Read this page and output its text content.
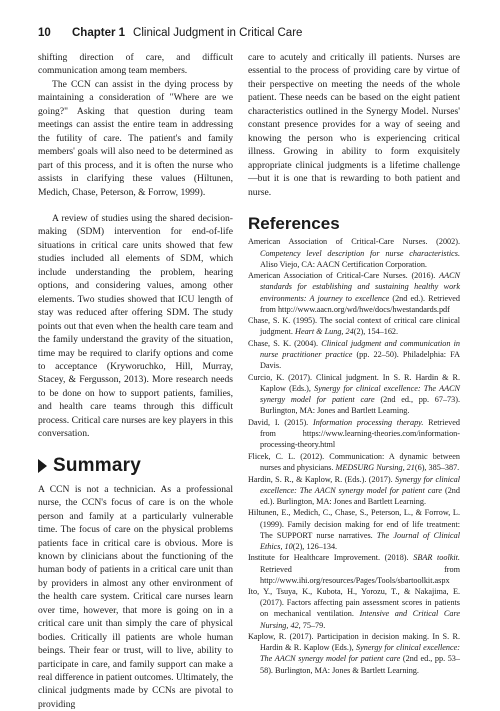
10	Chapter 1 Clinical Judgment in Critical Care

shifting direction of care, and difficult communication among team members.

The CCN can assist in the dying process by maintaining a consideration of "Where are we going?" Asking that question during team meetings can assist the entire team in addressing the futility of care. The patient's and family members' goals will also need to be determined as part of this process, and it is often the nurse who assists in clarifying these values (Hiltunen, Medich, Chase, Peterson, & Forrow, 1999).

A review of studies using the shared decision-making (SDM) intervention for end-of-life situations in critical care units showed that few studies included all elements of SDM, which include understanding the problem, hearing options, and considering values, among other elements. Two studies showed that ICU length of stay was reduced after offering SDM. The study points out that even when the health care team and the family understand the gravity of the situation, time may be required to clarify options and come to acceptance (Kryworuchko, Hill, Murray, Stacey, & Fergusson, 2013). More research needs to be done on how to support patients, families, and health care teams through this difficult process. Critical care nurses are key players in this conversation.

Summary

A CCN is not a technician. As a professional nurse, the CCN's focus of care is on the whole person and family at a particularly vulnerable time. The focus of care on the physical problems patients face in critical care is obvious. More is known by clinicians about the functioning of the human body of patients in a critical care unit than by providers in almost any other environment of the health care system. Critical care nurses learn over time, however, that more is going on in a critical care unit than simply the care of physical bodies. Critically ill patients are whole human beings. Their fear or trust, will to live, ability to participate in care, and family support can make a real difference in patient outcomes. Ultimately, the clinical judgments made by CCNs are pivotal to providing

care to acutely and critically ill patients. Nurses are essential to the process of providing care by virtue of their perspective on meeting the needs of the whole patient. These needs can be based on the eight patient characteristics outlined in the Synergy Model. Nurses' constant presence provides for a way of seeing and knowing the person who is experiencing critical illness. Growing in ability to form exquisitely appropriate clinical judgments is a lifetime challenge—but it is one that is rewarding to both patient and nurse.

References
American Association of Critical-Care Nurses. (2002). Competency level description for nurse characteristics. Aliso Viejo, CA: AACN Certification Corporation.
American Association of Critical-Care Nurses. (2016). AACN standards for establishing and sustaining healthy work environments: A journey to excellence (2nd ed.). Retrieved from http://www.aacn.org/wd/hwe/docs/hwestandards.pdf
Chase, S. K. (1995). The social context of critical care clinical judgment. Heart & Lung, 24(2), 154–162.
Chase, S. K. (2004). Clinical judgment and communication in nurse practitioner practice (pp. 22–50). Philadelphia: FA Davis.
Curcio, K. (2017). Clinical judgment. In S. R. Hardin & R. Kaplow (Eds.), Synergy for clinical excellence: The AACN synergy model for patient care (2nd ed., pp. 67–73). Burlington, MA: Jones and Bartlett Learning.
David, I. (2015). Information processing therapy. Retrieved from https://www.learning-theories.com/information-processing-theory.html
Flicek, C. L. (2012). Communication: A dynamic between nurses and physicians. MEDSURG Nursing, 21(6), 385–387.
Hardin, S. R., & Kaplow, R. (Eds.). (2017). Synergy for clinical excellence: The AACN synergy model for patient care (2nd ed.). Burlington, MA: Jones and Bartlett Learning.
Hiltunen, E., Medich, C., Chase, S., Peterson, L., & Forrow, L. (1999). Family decision making for end of life treatment: The SUPPORT nurse narratives. The Journal of Clinical Ethics, 10(2), 126–134.
Institute for Healthcare Improvement. (2018). SBAR toolkit. Retrieved from http://www.ihi.org/resources/Pages/Tools/sbartoolkit.aspx
Ito, Y., Tsuya, K., Kubota, H., Yorozu, T., & Nakajima, E. (2017). Factors affecting pain assessment scores in patients on mechanical ventilation. Intensive and Critical Care Nursing, 42, 75–79.
Kaplow, R. (2017). Participation in decision making. In S. R. Hardin & R. Kaplow (Eds.), Synergy for clinical excellence: The AACN synergy model for patient care (2nd ed., pp. 53–58). Burlington, MA: Jones & Bartlett Learning.
